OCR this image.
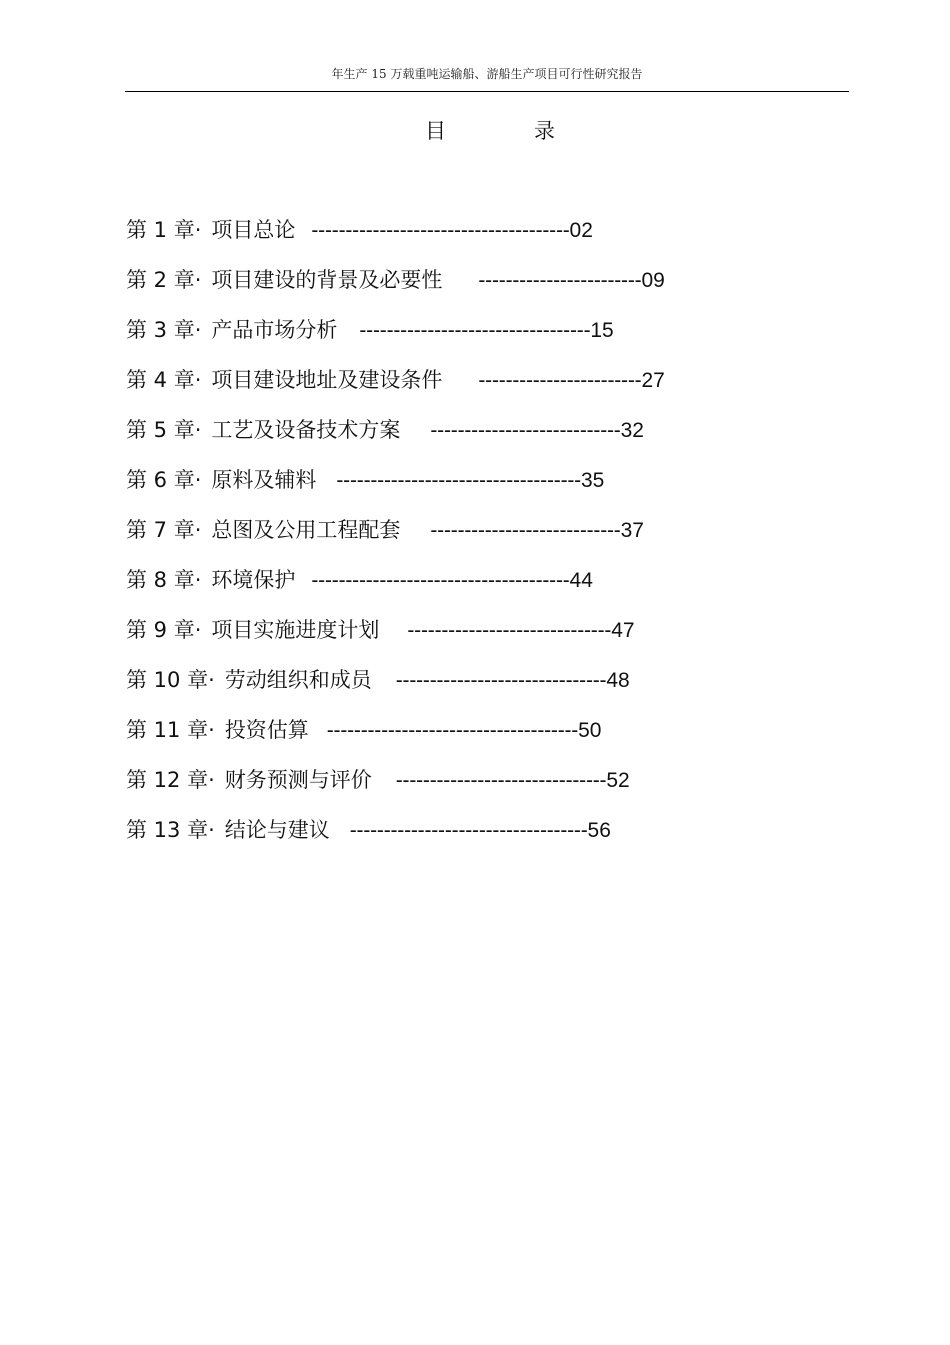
年生产 15 万载重吨运输船、游船生产项目可行性研究报告
目	录
第 1 章· 项目总论 -------------------------------------- 02
第 2 章· 项目建设的背景及必要性 ------------------------ 09
第 3 章· 产品市场分析 ---------------------------------- 15
第 4 章· 项目建设地址及建设条件 ------------------------ 27
第 5 章· 工艺及设备技术方案 ---------------------------- 32
第 6 章· 原料及辅料 ------------------------------------ 35
第 7 章· 总图及公用工程配套 ---------------------------- 37
第 8 章· 环境保护 -------------------------------------- 44
第 9 章· 项目实施进度计划 ------------------------------ 47
第 10 章· 劳动组织和成员 ------------------------------- 48
第 11 章· 投资估算 ------------------------------------- 50
第 12 章· 财务预测与评价 ------------------------------- 52
第 13 章· 结论与建议 ----------------------------------- 56
